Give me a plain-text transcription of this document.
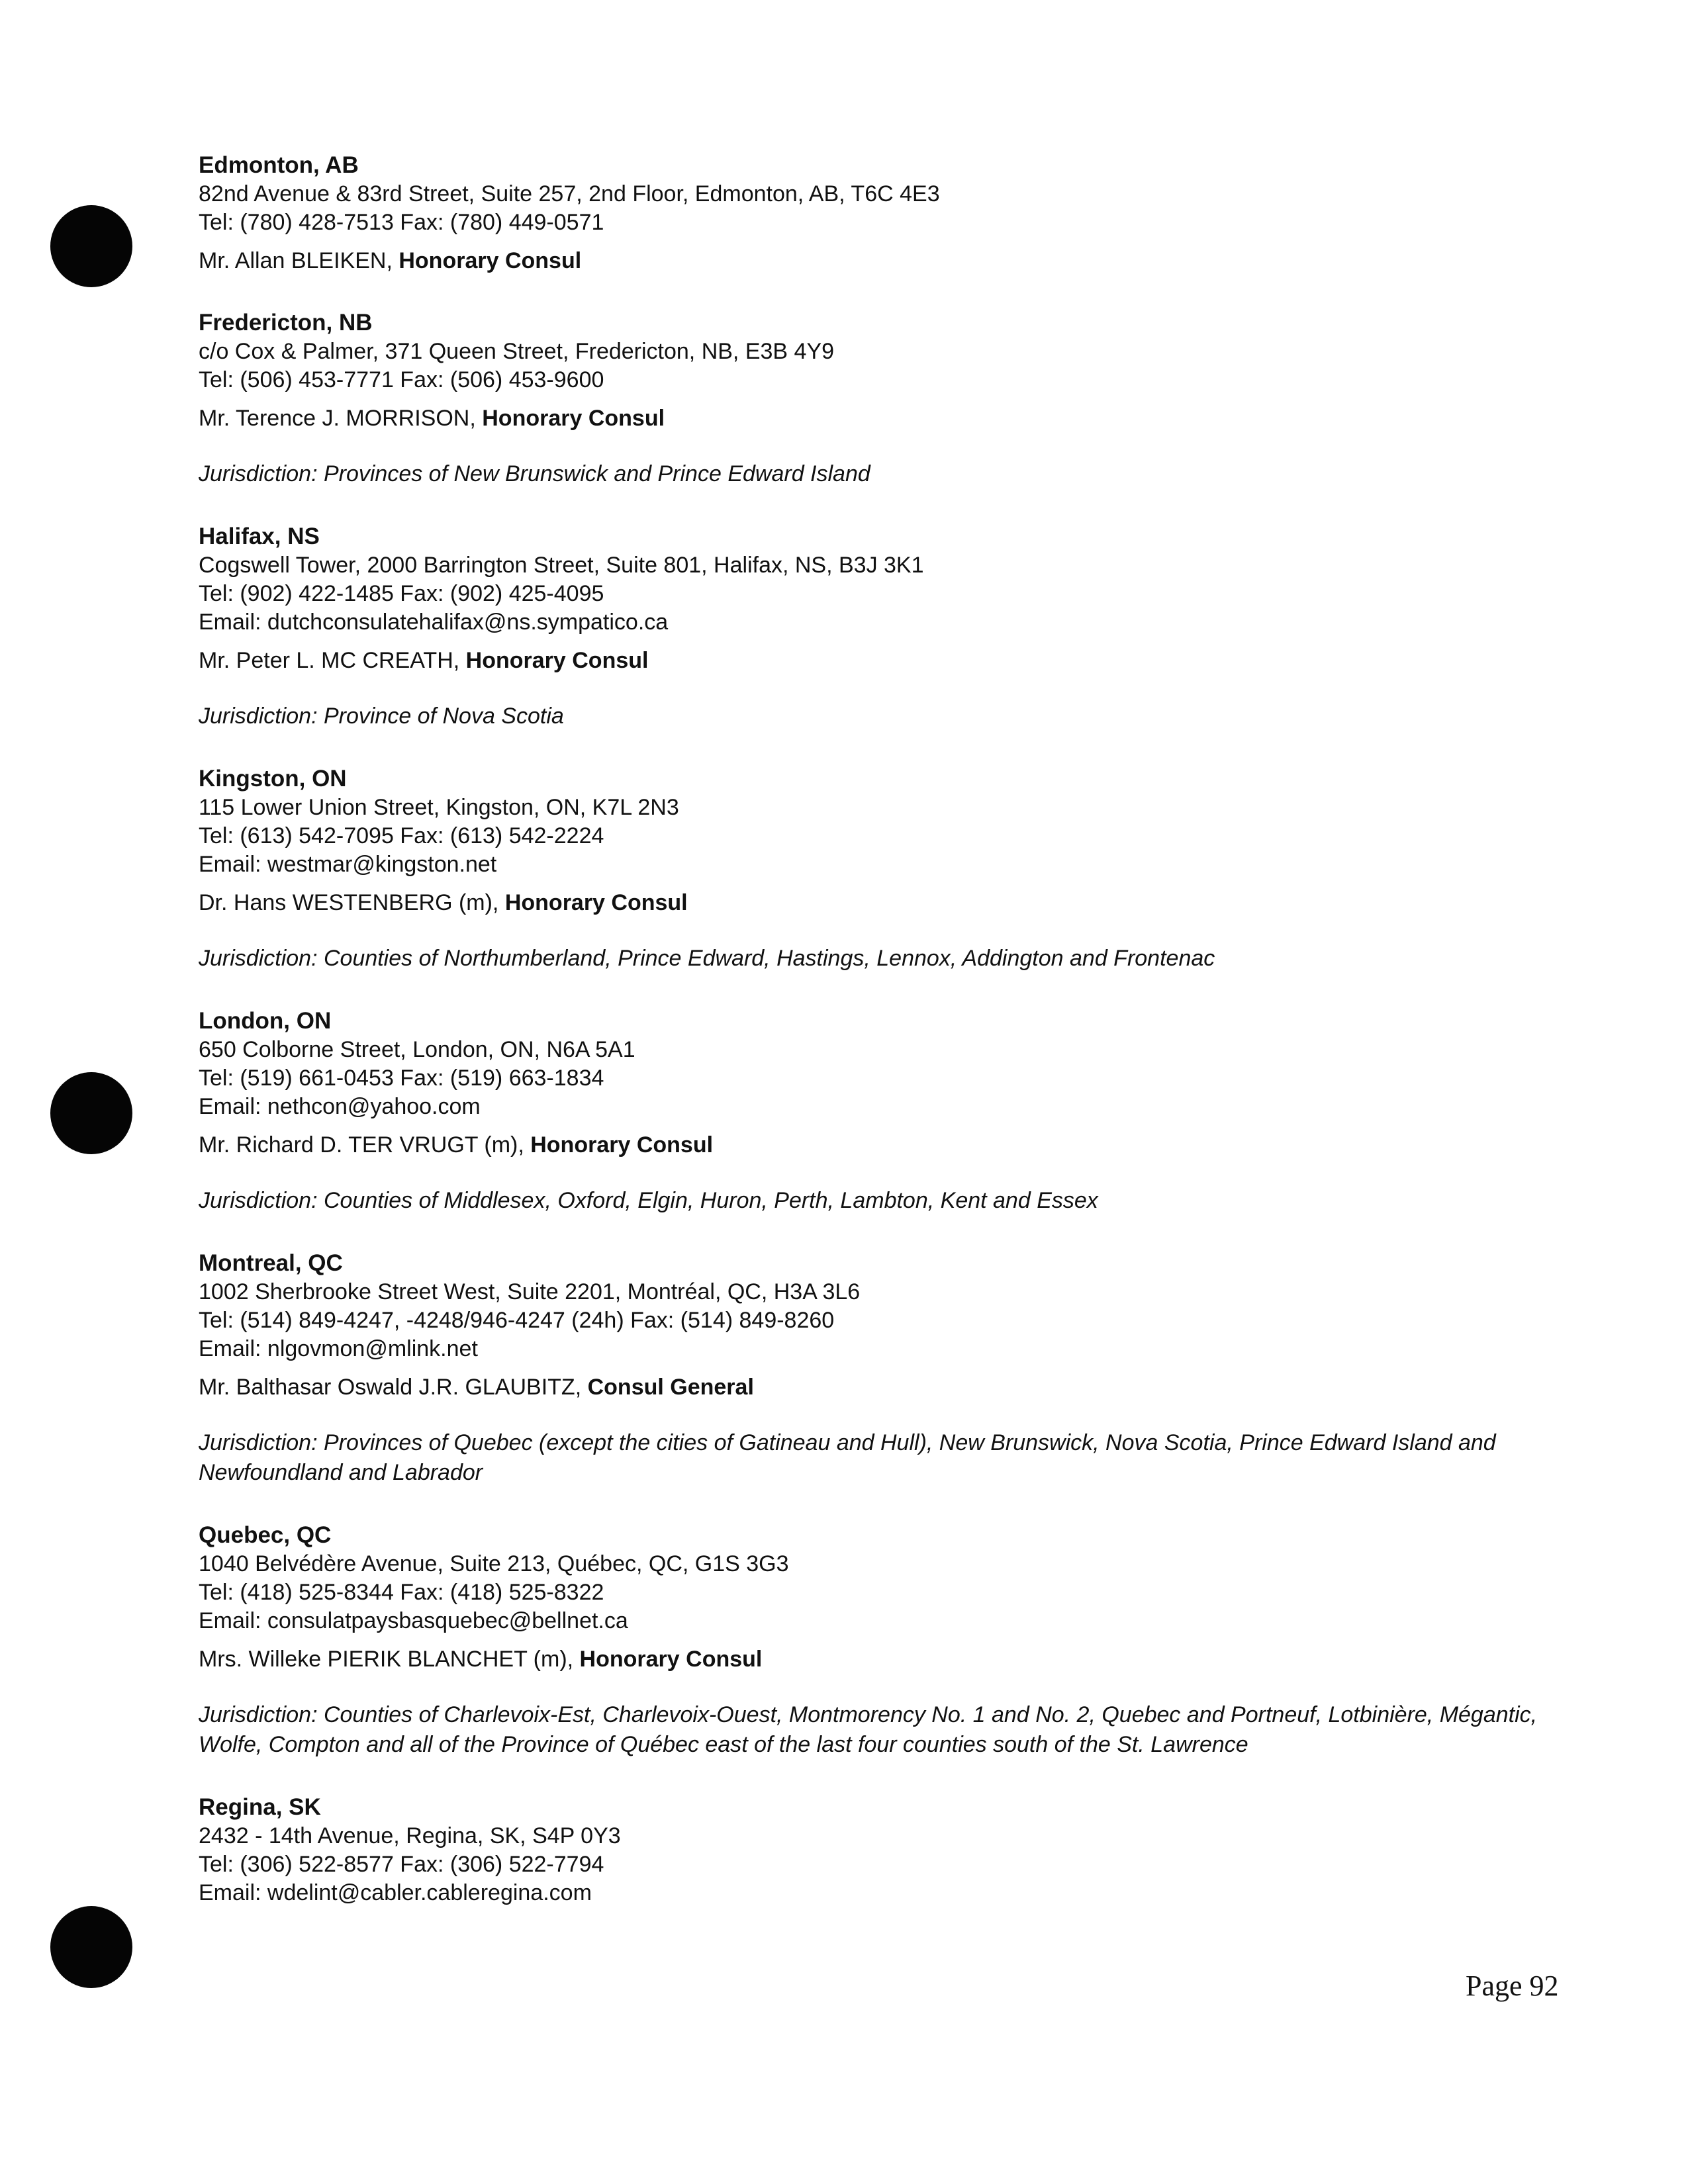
Edmonton, AB
82nd Avenue & 83rd Street, Suite 257, 2nd Floor, Edmonton, AB, T6C 4E3
Tel: (780) 428-7513 Fax: (780) 449-0571
Mr. Allan BLEIKEN, Honorary Consul
Fredericton, NB
c/o Cox & Palmer, 371 Queen Street, Fredericton, NB, E3B 4Y9
Tel: (506) 453-7771 Fax: (506) 453-9600
Mr. Terence J. MORRISON, Honorary Consul
Jurisdiction: Provinces of New Brunswick and Prince Edward Island
Halifax, NS
Cogswell Tower, 2000 Barrington Street, Suite 801, Halifax, NS, B3J 3K1
Tel: (902) 422-1485 Fax: (902) 425-4095
Email: dutchconsulatehalifax@ns.sympatico.ca
Mr. Peter L. MC CREATH, Honorary Consul
Jurisdiction: Province of Nova Scotia
Kingston, ON
115 Lower Union Street, Kingston, ON, K7L 2N3
Tel: (613) 542-7095 Fax: (613) 542-2224
Email: westmar@kingston.net
Dr. Hans WESTENBERG (m), Honorary Consul
Jurisdiction: Counties of Northumberland, Prince Edward, Hastings, Lennox, Addington and Frontenac
London, ON
650 Colborne Street, London, ON, N6A 5A1
Tel: (519) 661-0453 Fax: (519) 663-1834
Email: nethcon@yahoo.com
Mr. Richard D. TER VRUGT (m), Honorary Consul
Jurisdiction: Counties of Middlesex, Oxford, Elgin, Huron, Perth, Lambton, Kent and Essex
Montreal, QC
1002 Sherbrooke Street West, Suite 2201, Montréal, QC, H3A 3L6
Tel: (514) 849-4247, -4248/946-4247 (24h) Fax: (514) 849-8260
Email: nlgovmon@mlink.net
Mr. Balthasar Oswald J.R. GLAUBITZ, Consul General
Jurisdiction: Provinces of Quebec (except the cities of Gatineau and Hull), New Brunswick, Nova Scotia, Prince Edward Island and Newfoundland and Labrador
Quebec, QC
1040 Belvédère Avenue, Suite 213, Québec, QC, G1S 3G3
Tel: (418) 525-8344 Fax: (418) 525-8322
Email: consulatpaysbasquebec@bellnet.ca
Mrs. Willeke PIERIK BLANCHET (m), Honorary Consul
Jurisdiction: Counties of Charlevoix-Est, Charlevoix-Ouest, Montmorency No. 1 and No. 2, Quebec and Portneuf, Lotbinière, Mégantic, Wolfe, Compton and all of the Province of Québec east of the last four counties south of the St. Lawrence
Regina, SK
2432 - 14th Avenue, Regina, SK, S4P 0Y3
Tel: (306) 522-8577 Fax: (306) 522-7794
Email: wdelint@cabler.cableregina.com
Page 92
